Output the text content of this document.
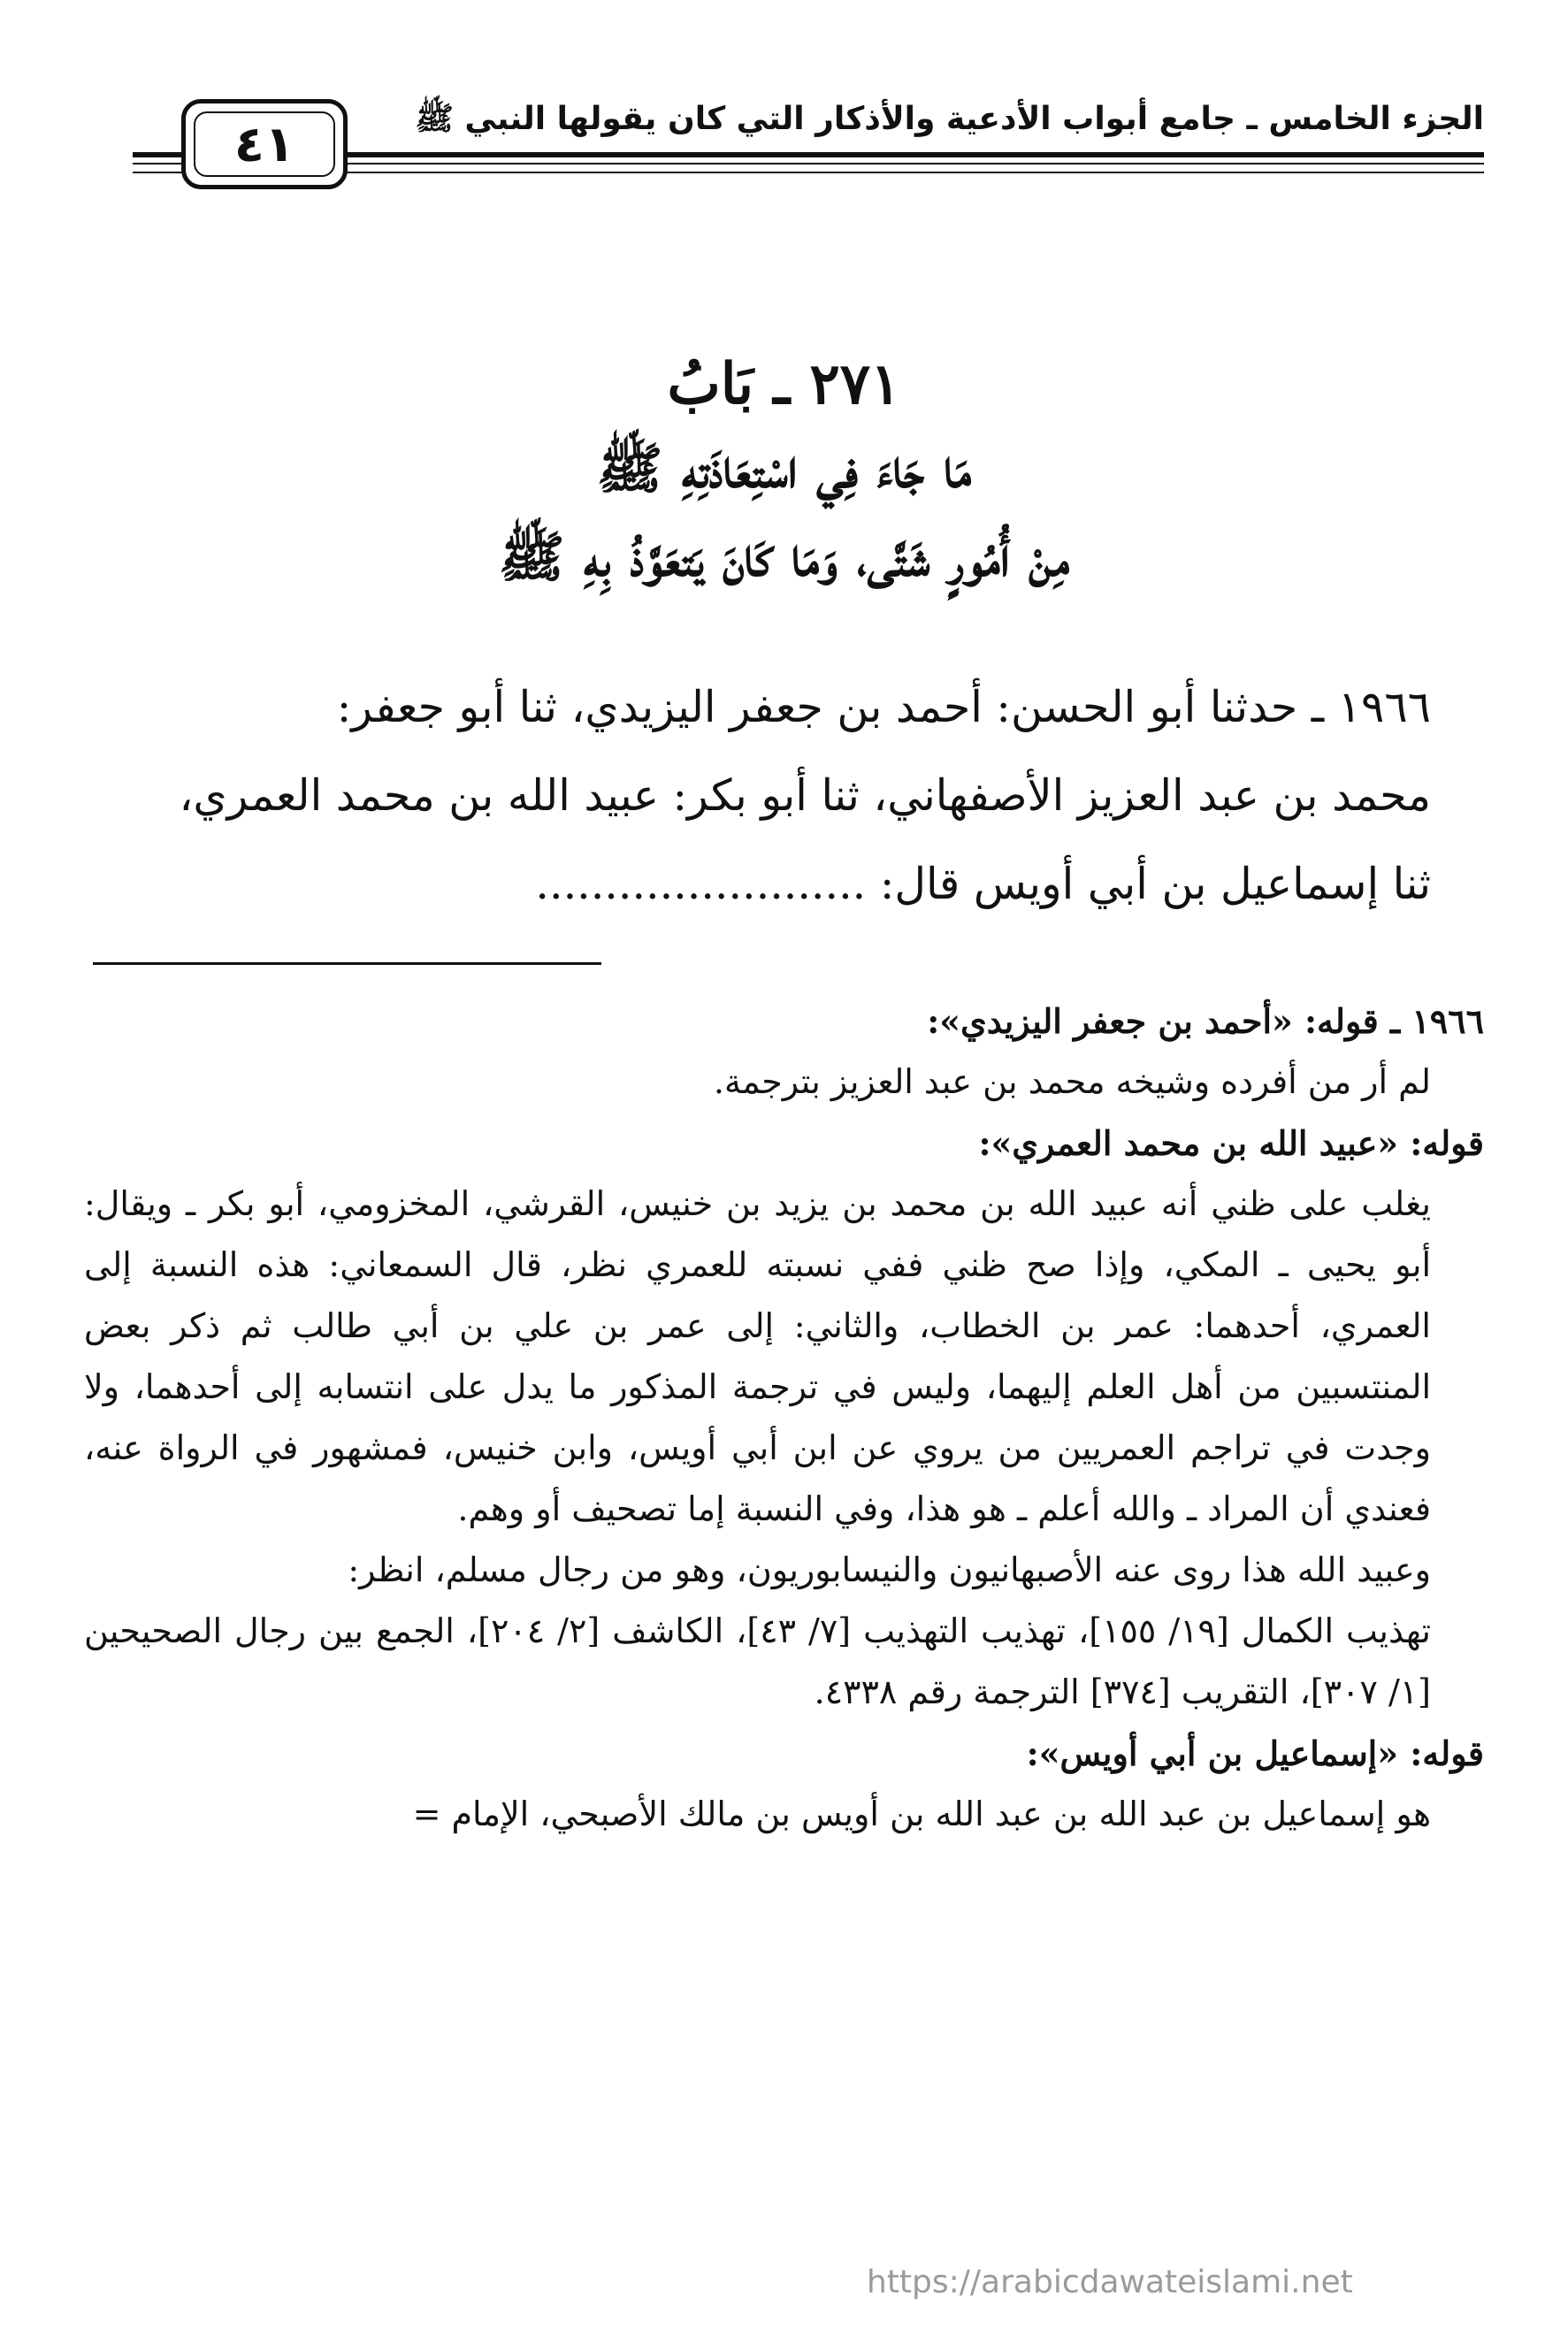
الجزء الخامس ـ جامع أبواب الأدعية والأذكار التي كان يقولها النبي ﷺ
٤١
٢٧١ ـ بَابُ
مَا جَاءَ فِي اسْتِعَاذَتِهِ ﷺ
مِنْ أُمُورٍ شَتَّى، وَمَا كَانَ يَتعَوَّذُ بِهِ ﷺ

١٩٦٦ ـ حدثنا أبو الحسن: أحمد بن جعفر اليزيدي، ثنا أبو جعفر:

محمد بن عبد العزيز الأصفهاني، ثنا أبو بكر: عبيد الله بن محمد العمري،

ثنا إسماعيل بن أبي أويس قال: ........................

١٩٦٦ ـ قوله: «أحمد بن جعفر اليزيدي»:

لم أر من أفرده وشيخه محمد بن عبد العزيز بترجمة.

قوله: «عبيد الله بن محمد العمري»:

يغلب على ظني أنه عبيد الله بن محمد بن يزيد بن خنيس، القرشي، المخزومي، أبو بكر ـ ويقال: أبو يحيى ـ المكي، وإذا صح ظني ففي نسبته للعمري نظر، قال السمعاني: هذه النسبة إلى العمري، أحدهما: عمر بن الخطاب، والثاني: إلى عمر بن علي بن أبي طالب ثم ذكر بعض المنتسبين من أهل العلم إليهما، وليس في ترجمة المذكور ما يدل على انتسابه إلى أحدهما، ولا وجدت في تراجم العمريين من يروي عن ابن أبي أويس، وابن خنيس، فمشهور في الرواة عنه، فعندي أن المراد ـ والله أعلم ـ هو هذا، وفي النسبة إما تصحيف أو وهم.

وعبيد الله هذا روى عنه الأصبهانيون والنيسابوريون، وهو من رجال مسلم، انظر:

تهذيب الكمال [١٩/ ١٥٥]، تهذيب التهذيب [٧/ ٤٣]، الكاشف [٢/ ٢٠٤]، الجمع بين رجال الصحيحين [١/ ٣٠٧]، التقريب [٣٧٤] الترجمة رقم ٤٣٣٨.

قوله: «إسماعيل بن أبي أويس»:

هو إسماعيل بن عبد الله بن عبد الله بن أويس بن مالك الأصبحي، الإمام =

https://arabicdawateislami.net
